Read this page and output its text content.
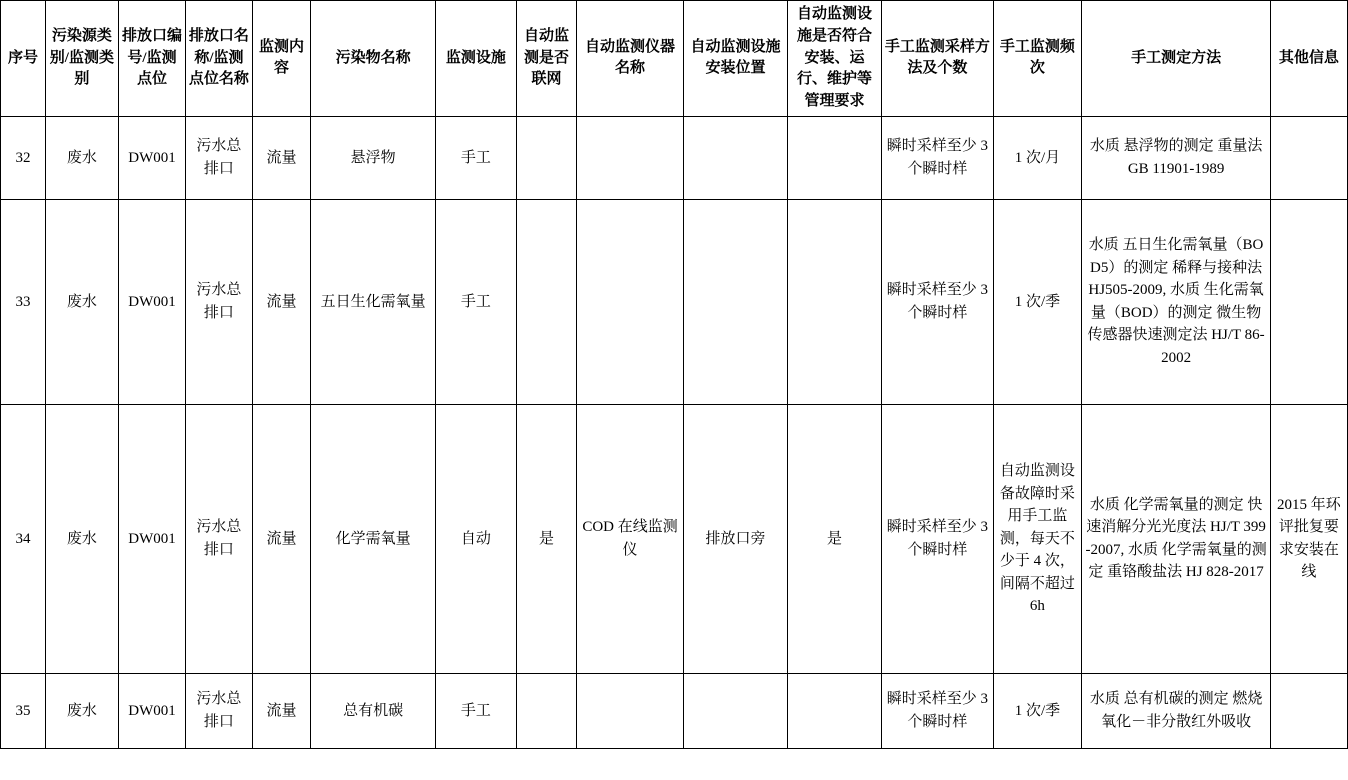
序号	污染源类别/监测类别	排放口编号/监测点位	排放口名称/监测点位名称	监测内容	污染物名称	监测设施	自动监测是否联网	自动监测仪器名称	自动监测设施安装位置	自动监测设施是否符合安装、运行、维护等管理要求	手工监测采样方法及个数	手工监测频次	手工测定方法	其他信息
32	废水	DW001	污水总排口	流量	悬浮物	手工					瞬时采样至少 3 个瞬时样	1 次/月	水质 悬浮物的测定 重量法 GB 11901-1989	
33	废水	DW001	污水总排口	流量	五日生化需氧量	手工					瞬时采样至少 3 个瞬时样	1 次/季	水质 五日生化需氧量（BOD5）的测定 稀释与接种法 HJ505-2009, 水质 生化需氧量（BOD）的测定 微生物传感器快速测定法 HJ/T 86-2002	
34	废水	DW001	污水总排口	流量	化学需氧量	自动	是	COD 在线监测仪	排放口旁	是	瞬时采样至少 3 个瞬时样	自动监测设备故障时采用手工监测，每天不少于 4 次，间隔不超过 6h	水质 化学需氧量的测定 快速消解分光光度法 HJ/T 399-2007, 水质 化学需氧量的测定 重铬酸盐法 HJ 828-2017	2015 年环评批复要求安装在线
35	废水	DW001	污水总排口	流量	总有机碳	手工					瞬时采样至少 3 个瞬时样	1 次/季	水质 总有机碳的测定 燃烧氧化－非分散红外吸收	
